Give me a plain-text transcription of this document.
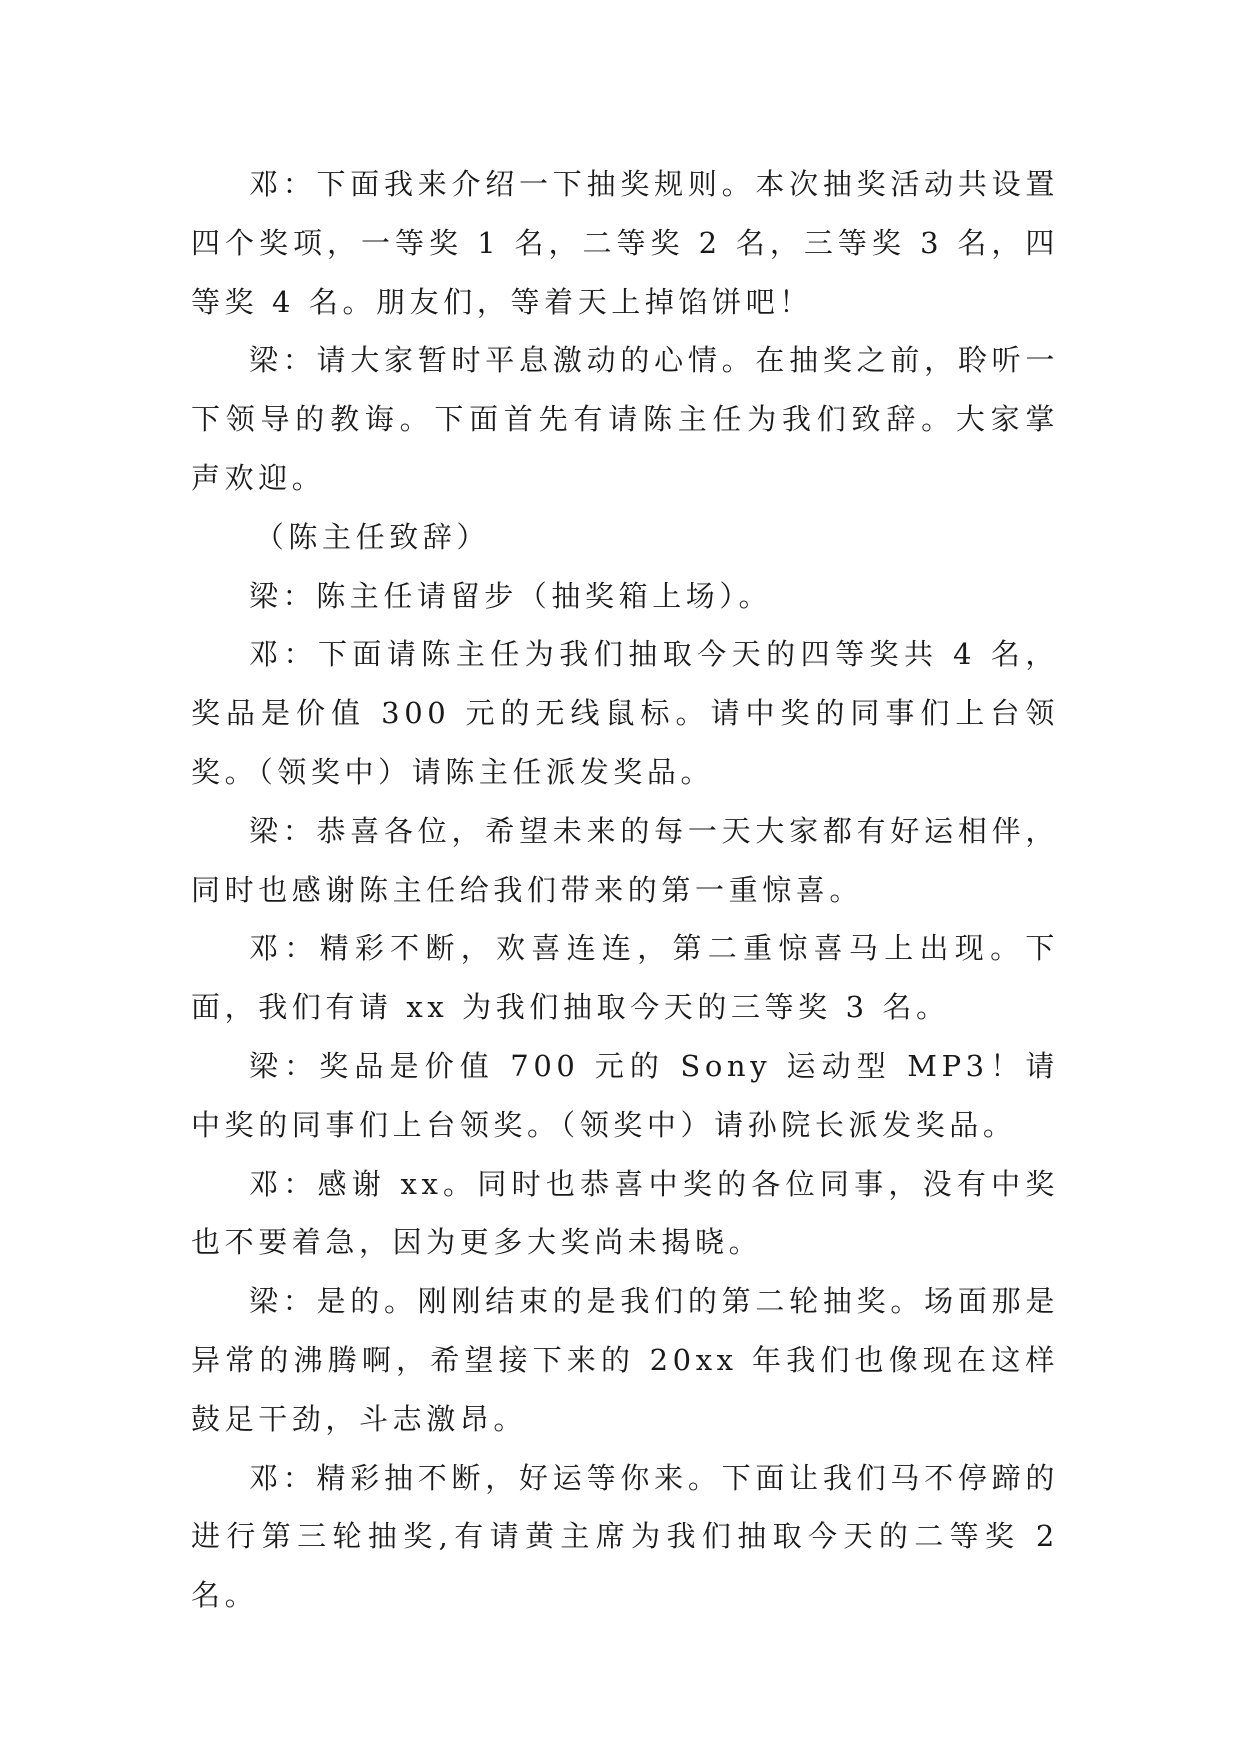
邓：下面我来介绍一下抽奖规则。本次抽奖活动共设置四个奖项，一等奖 1 名，二等奖 2 名，三等奖 3 名，四等奖 4 名。朋友们，等着天上掉馅饼吧！

梁：请大家暂时平息激动的心情。在抽奖之前，聆听一下领导的教诲。下面首先有请陈主任为我们致辞。大家掌声欢迎。

（陈主任致辞）

梁：陈主任请留步（抽奖箱上场）。

邓：下面请陈主任为我们抽取今天的四等奖共 4 名，奖品是价值 300 元的无线鼠标。请中奖的同事们上台领奖。（领奖中）请陈主任派发奖品。

梁：恭喜各位，希望未来的每一天大家都有好运相伴，同时也感谢陈主任给我们带来的第一重惊喜。

邓：精彩不断，欢喜连连，第二重惊喜马上出现。下面，我们有请 xx 为我们抽取今天的三等奖 3 名。

梁：奖品是价值 700 元的 Sony 运动型 MP3！请中奖的同事们上台领奖。（领奖中）请孙院长派发奖品。

邓：感谢 xx。同时也恭喜中奖的各位同事，没有中奖也不要着急，因为更多大奖尚未揭晓。

梁：是的。刚刚结束的是我们的第二轮抽奖。场面那是异常的沸腾啊，希望接下来的 20xx 年我们也像现在这样鼓足干劲，斗志激昂。

邓：精彩抽不断，好运等你来。下面让我们马不停蹄的进行第三轮抽奖,有请黄主席为我们抽取今天的二等奖 2 名。
